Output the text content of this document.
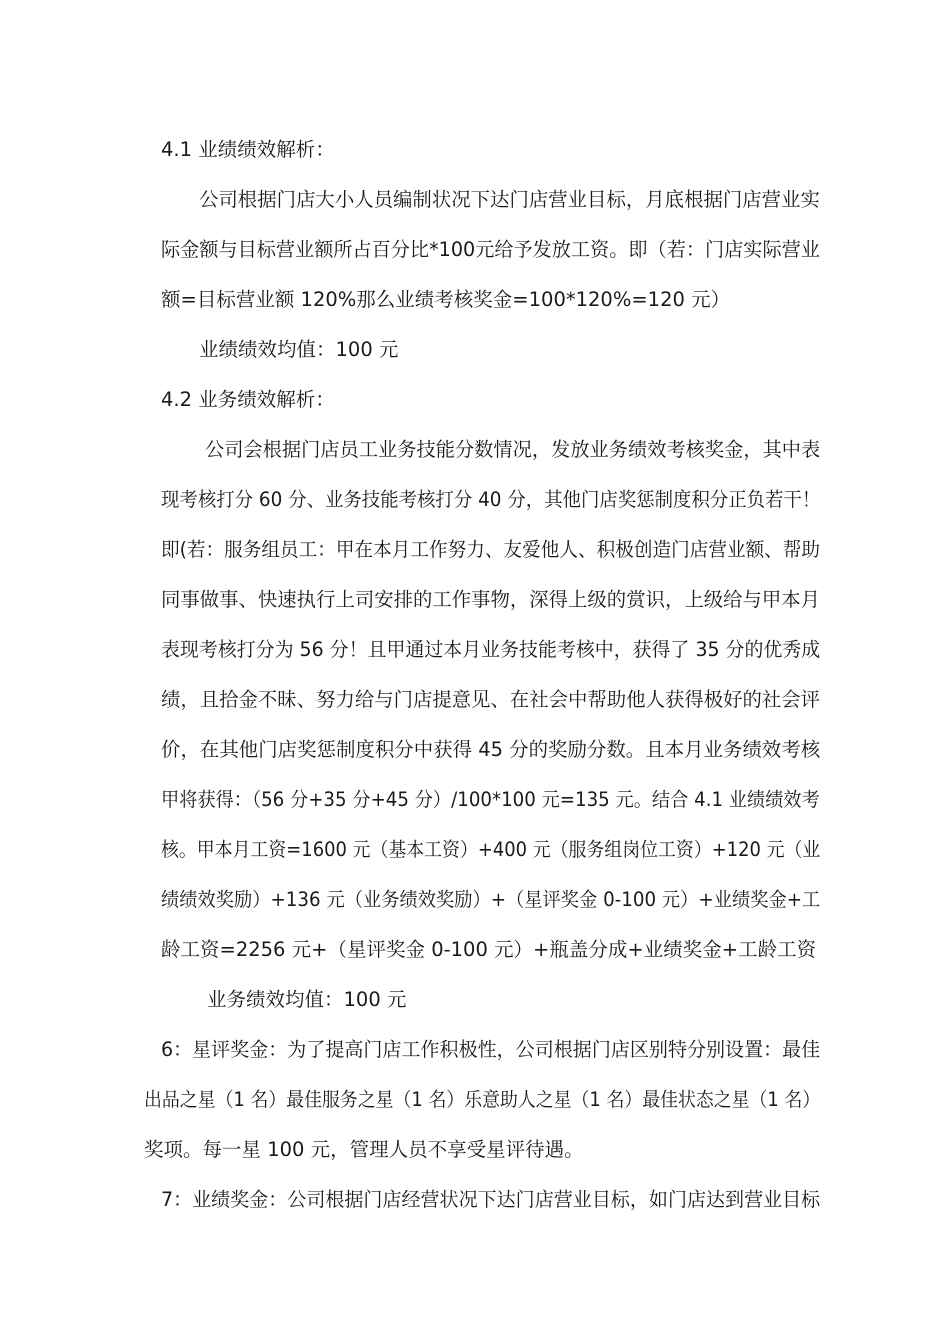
4.1 业绩绩效解析：
公司根据门店大小人员编制状况下达门店营业目标，月底根据门店营业实
际金额与目标营业额所占百分比*100元给予发放工资。即（若：门店实际营业
额=目标营业额 120%那么业绩考核奖金=100*120%=120 元）
业绩绩效均值：100 元
4.2 业务绩效解析：
公司会根据门店员工业务技能分数情况，发放业务绩效考核奖金，其中表
现考核打分 60 分、业务技能考核打分 40 分，其他门店奖惩制度积分正负若干！
即(若：服务组员工：甲在本月工作努力、友爱他人、积极创造门店营业额、帮助
同事做事、快速执行上司安排的工作事物，深得上级的赏识，上级给与甲本月
表现考核打分为 56 分！且甲通过本月业务技能考核中，获得了 35 分的优秀成
绩，且拾金不昧、努力给与门店提意见、在社会中帮助他人获得极好的社会评
价，在其他门店奖惩制度积分中获得 45 分的奖励分数。且本月业务绩效考核
甲将获得：（56 分+35 分+45 分）/100*100 元=135 元。结合 4.1 业绩绩效考
核。甲本月工资=1600 元（基本工资）+400 元（服务组岗位工资）+120 元（业
绩绩效奖励）+136 元（业务绩效奖励）+（星评奖金 0-100 元）+业绩奖金+工
龄工资=2256 元+（星评奖金 0-100 元）+瓶盖分成+业绩奖金+工龄工资
业务绩效均值：100 元
6：星评奖金：为了提高门店工作积极性，公司根据门店区别特分别设置：最佳
出品之星（1 名）最佳服务之星（1 名）乐意助人之星（1 名）最佳状态之星（1 名）
奖项。每一星 100 元，管理人员不享受星评待遇。
7：业绩奖金：公司根据门店经营状况下达门店营业目标，如门店达到营业目标
